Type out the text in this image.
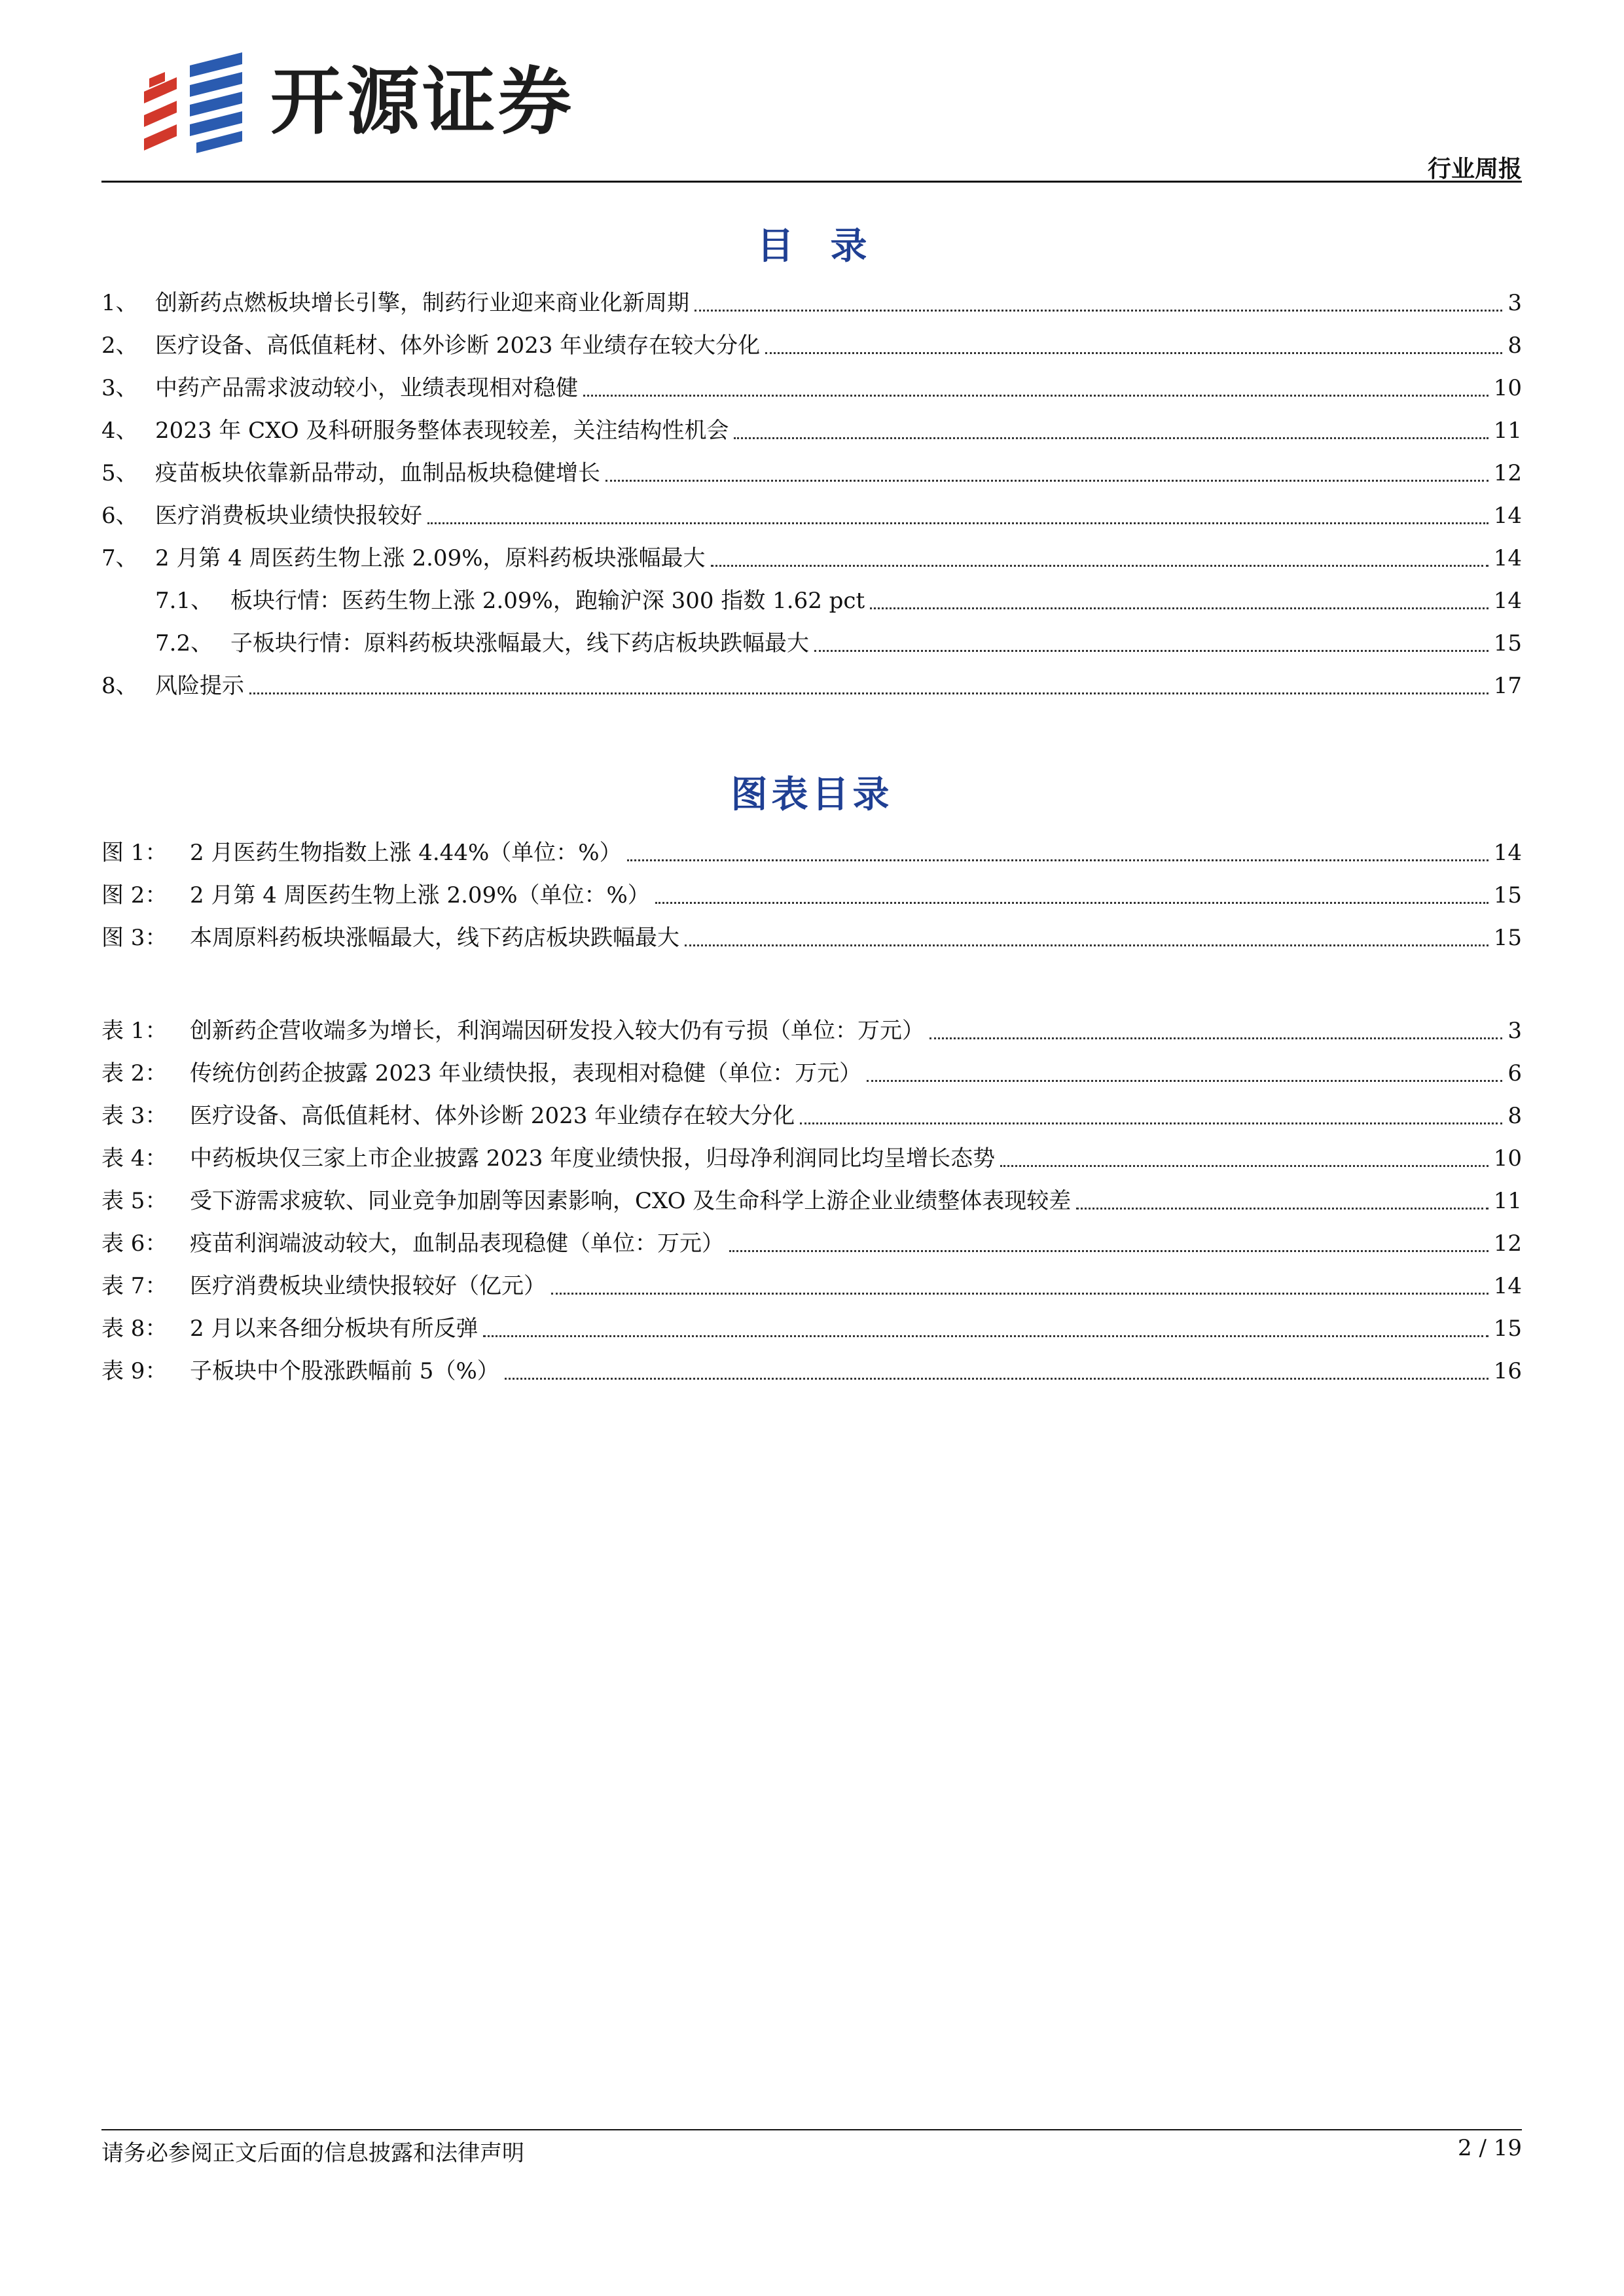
开源证券
行业周报
目录
1、 创新药点燃板块增长引擎，制药行业迎来商业化新周期	3
2、 医疗设备、高低值耗材、体外诊断 2023 年业绩存在较大分化	8
3、 中药产品需求波动较小，业绩表现相对稳健	10
4、 2023 年 CXO 及科研服务整体表现较差，关注结构性机会	11
5、 疫苗板块依靠新品带动，血制品板块稳健增长	12
6、 医疗消费板块业绩快报较好	14
7、 2 月第 4 周医药生物上涨 2.09%，原料药板块涨幅最大	14
7.1、 板块行情：医药生物上涨 2.09%，跑输沪深 300 指数 1.62 pct	14
7.2、 子板块行情：原料药板块涨幅最大，线下药店板块跌幅最大	15
8、 风险提示	17
图表目录
图 1： 2 月医药生物指数上涨 4.44%（单位：%）	14
图 2： 2 月第 4 周医药生物上涨 2.09%（单位：%）	15
图 3： 本周原料药板块涨幅最大，线下药店板块跌幅最大	15
表 1： 创新药企营收端多为增长，利润端因研发投入较大仍有亏损（单位：万元）	3
表 2： 传统仿创药企披露 2023 年业绩快报，表现相对稳健（单位：万元）	6
表 3： 医疗设备、高低值耗材、体外诊断 2023 年业绩存在较大分化	8
表 4： 中药板块仅三家上市企业披露 2023 年度业绩快报，归母净利润同比均呈增长态势	10
表 5： 受下游需求疲软、同业竞争加剧等因素影响，CXO 及生命科学上游企业业绩整体表现较差	11
表 6： 疫苗利润端波动较大，血制品表现稳健（单位：万元）	12
表 7： 医疗消费板块业绩快报较好（亿元）	14
表 8： 2 月以来各细分板块有所反弹	15
表 9： 子板块中个股涨跌幅前 5（%）	16
请务必参阅正文后面的信息披露和法律声明	2 / 19
